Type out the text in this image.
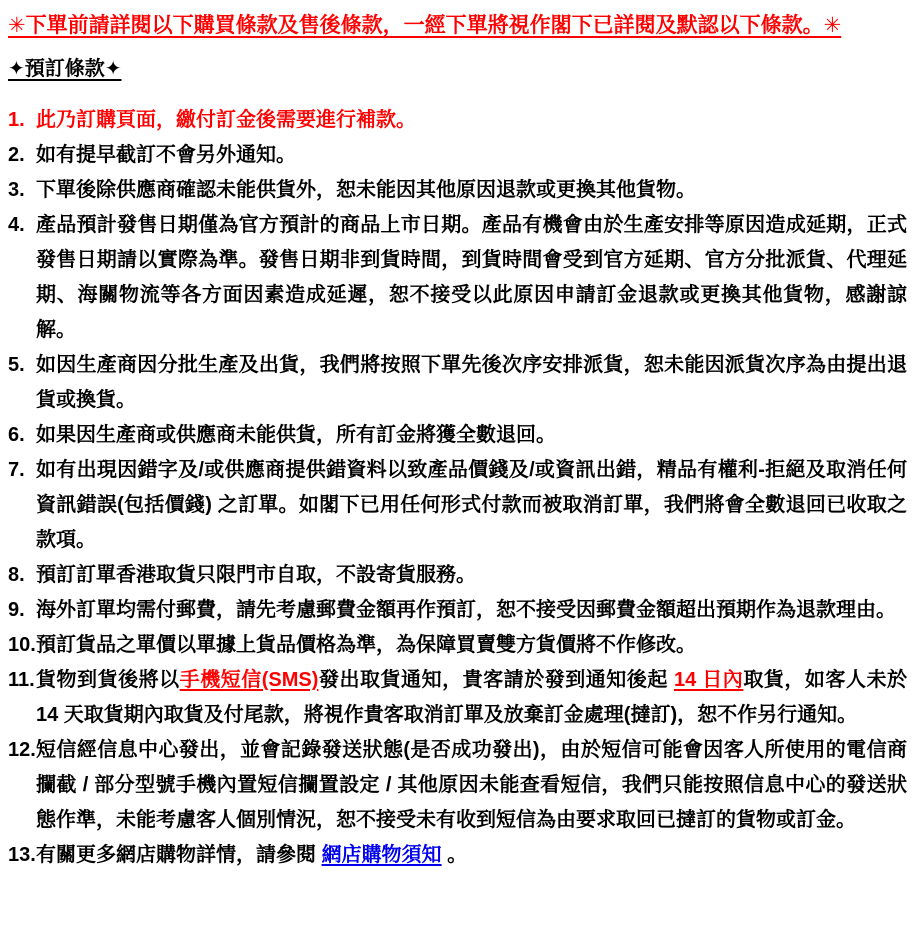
✳下單前請詳閱以下購買條款及售後條款，一經下單將視作閣下已詳閱及默認以下條款。✳
✦預訂條款✦
1. 此乃訂購頁面，繳付訂金後需要進行補款。
2. 如有提早截訂不會另外通知。
3. 下單後除供應商確認未能供貨外，恕未能因其他原因退款或更換其他貨物。
4. 產品預計發售日期僅為官方預計的商品上市日期。產品有機會由於生產安排等原因造成延期，正式發售日期請以實際為準。發售日期非到貨時間，到貨時間會受到官方延期、官方分批派貨、代理延期、海關物流等各方面因素造成延遲，恕不接受以此原因申請訂金退款或更換其他貨物，感謝諒解。
5. 如因生產商因分批生產及出貨，我們將按照下單先後次序安排派貨，恕未能因派貨次序為由提出退貨或換貨。
6. 如果因生產商或供應商未能供貨，所有訂金將獲全數退回。
7. 如有出現因錯字及/或供應商提供錯資料以致產品價錢及/或資訊出錯，精品有權利-拒絕及取消任何資訊錯誤(包括價錢) 之訂單。如閣下已用任何形式付款而被取消訂單，我們將會全數退回已收取之款項。
8. 預訂訂單香港取貨只限門市自取，不設寄貨服務。
9. 海外訂單均需付郵費，請先考慮郵費金額再作預訂，恕不接受因郵費金額超出預期作為退款理由。
10. 預訂貨品之單價以單據上貨品價格為準，為保障買賣雙方貨價將不作修改。
11. 貨物到貨後將以手機短信(SMS)發出取貨通知，貴客請於發到通知後起 14 日內取貨，如客人未於14 天取貨期內取貨及付尾款，將視作貴客取消訂單及放棄訂金處理(撻訂)，恕不作另行通知。
12. 短信經信息中心發出，並會記錄發送狀態(是否成功發出)，由於短信可能會因客人所使用的電信商攔截 / 部分型號手機內置短信攔置設定 / 其他原因未能查看短信，我們只能按照信息中心的發送狀態作準，未能考慮客人個別情況，恕不接受未有收到短信為由要求取回已撻訂的貨物或訂金。
13. 有關更多網店購物詳情，請參閱 網店購物須知 。
